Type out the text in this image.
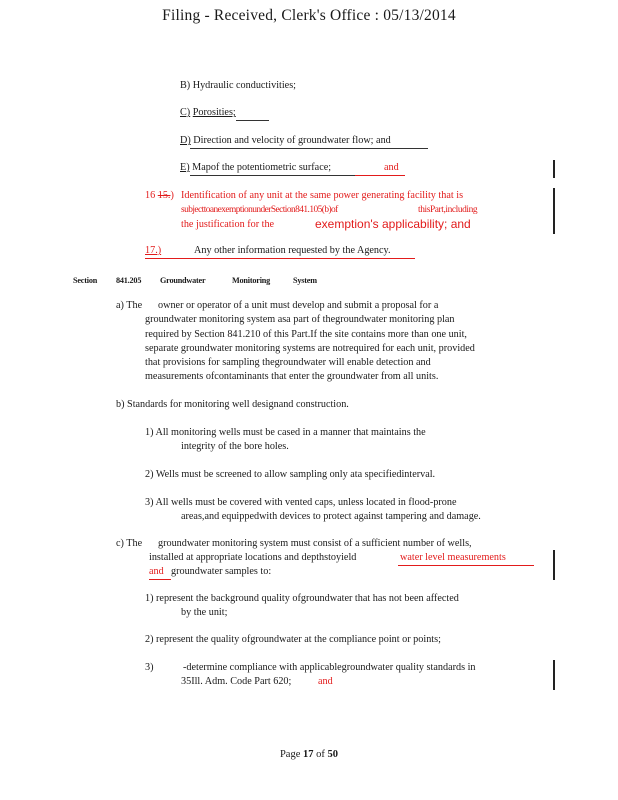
Filing - Received, Clerk's Office : 05/13/2014
B) Hydraulic conductivities;
C) Porosities;
D) Direction and velocity of groundwater flow; and
E) Mapof the potentiometric surface;	and
16 15.) Identification of any unit at the same power generating facility that is
subjecttoanexemptionunderSection841.105(b)of	thisPart,including
the justification for the	exemption's applicability; and
17.)	Any other information requested by the Agency.
Section 841.205 Groundwater	Monitoring	System
a) The owner or operator of a unit must develop and submit a proposal for a
groundwater monitoring system asa part of thegroundwater monitoring plan
required by Section 841.210 of this Part.If the site contains more than one unit,
separate groundwater monitoring systems are notrequired for each unit, provided
that provisions for sampling thegroundwater will enable detection and
measurements ofcontaminants that enter the groundwater from all units.
b) Standards for monitoring well designand construction.
1) All monitoring wells must be cased in a manner that maintains the
integrity of the bore holes.
2) Wells must be screened to allow sampling only ata specifiedinterval.
3) All wells must be covered with vented caps, unless located in flood-prone
areas,and equippedwith devices to protect against tampering and damage.
c) The groundwater monitoring system must consist of a sufficient number of wells,
installed at appropriate locations and depthstoyield	water level measurements
and groundwater samples to:
1) represent the background quality ofgroundwater that has not been affected
by the unit;
2) represent the quality ofgroundwater at the compliance point or points;
3)	-determine compliance with applicablegroundwater quality standards in
35Ill. Adm. Code Part 620;	and
Page 17 of 50
